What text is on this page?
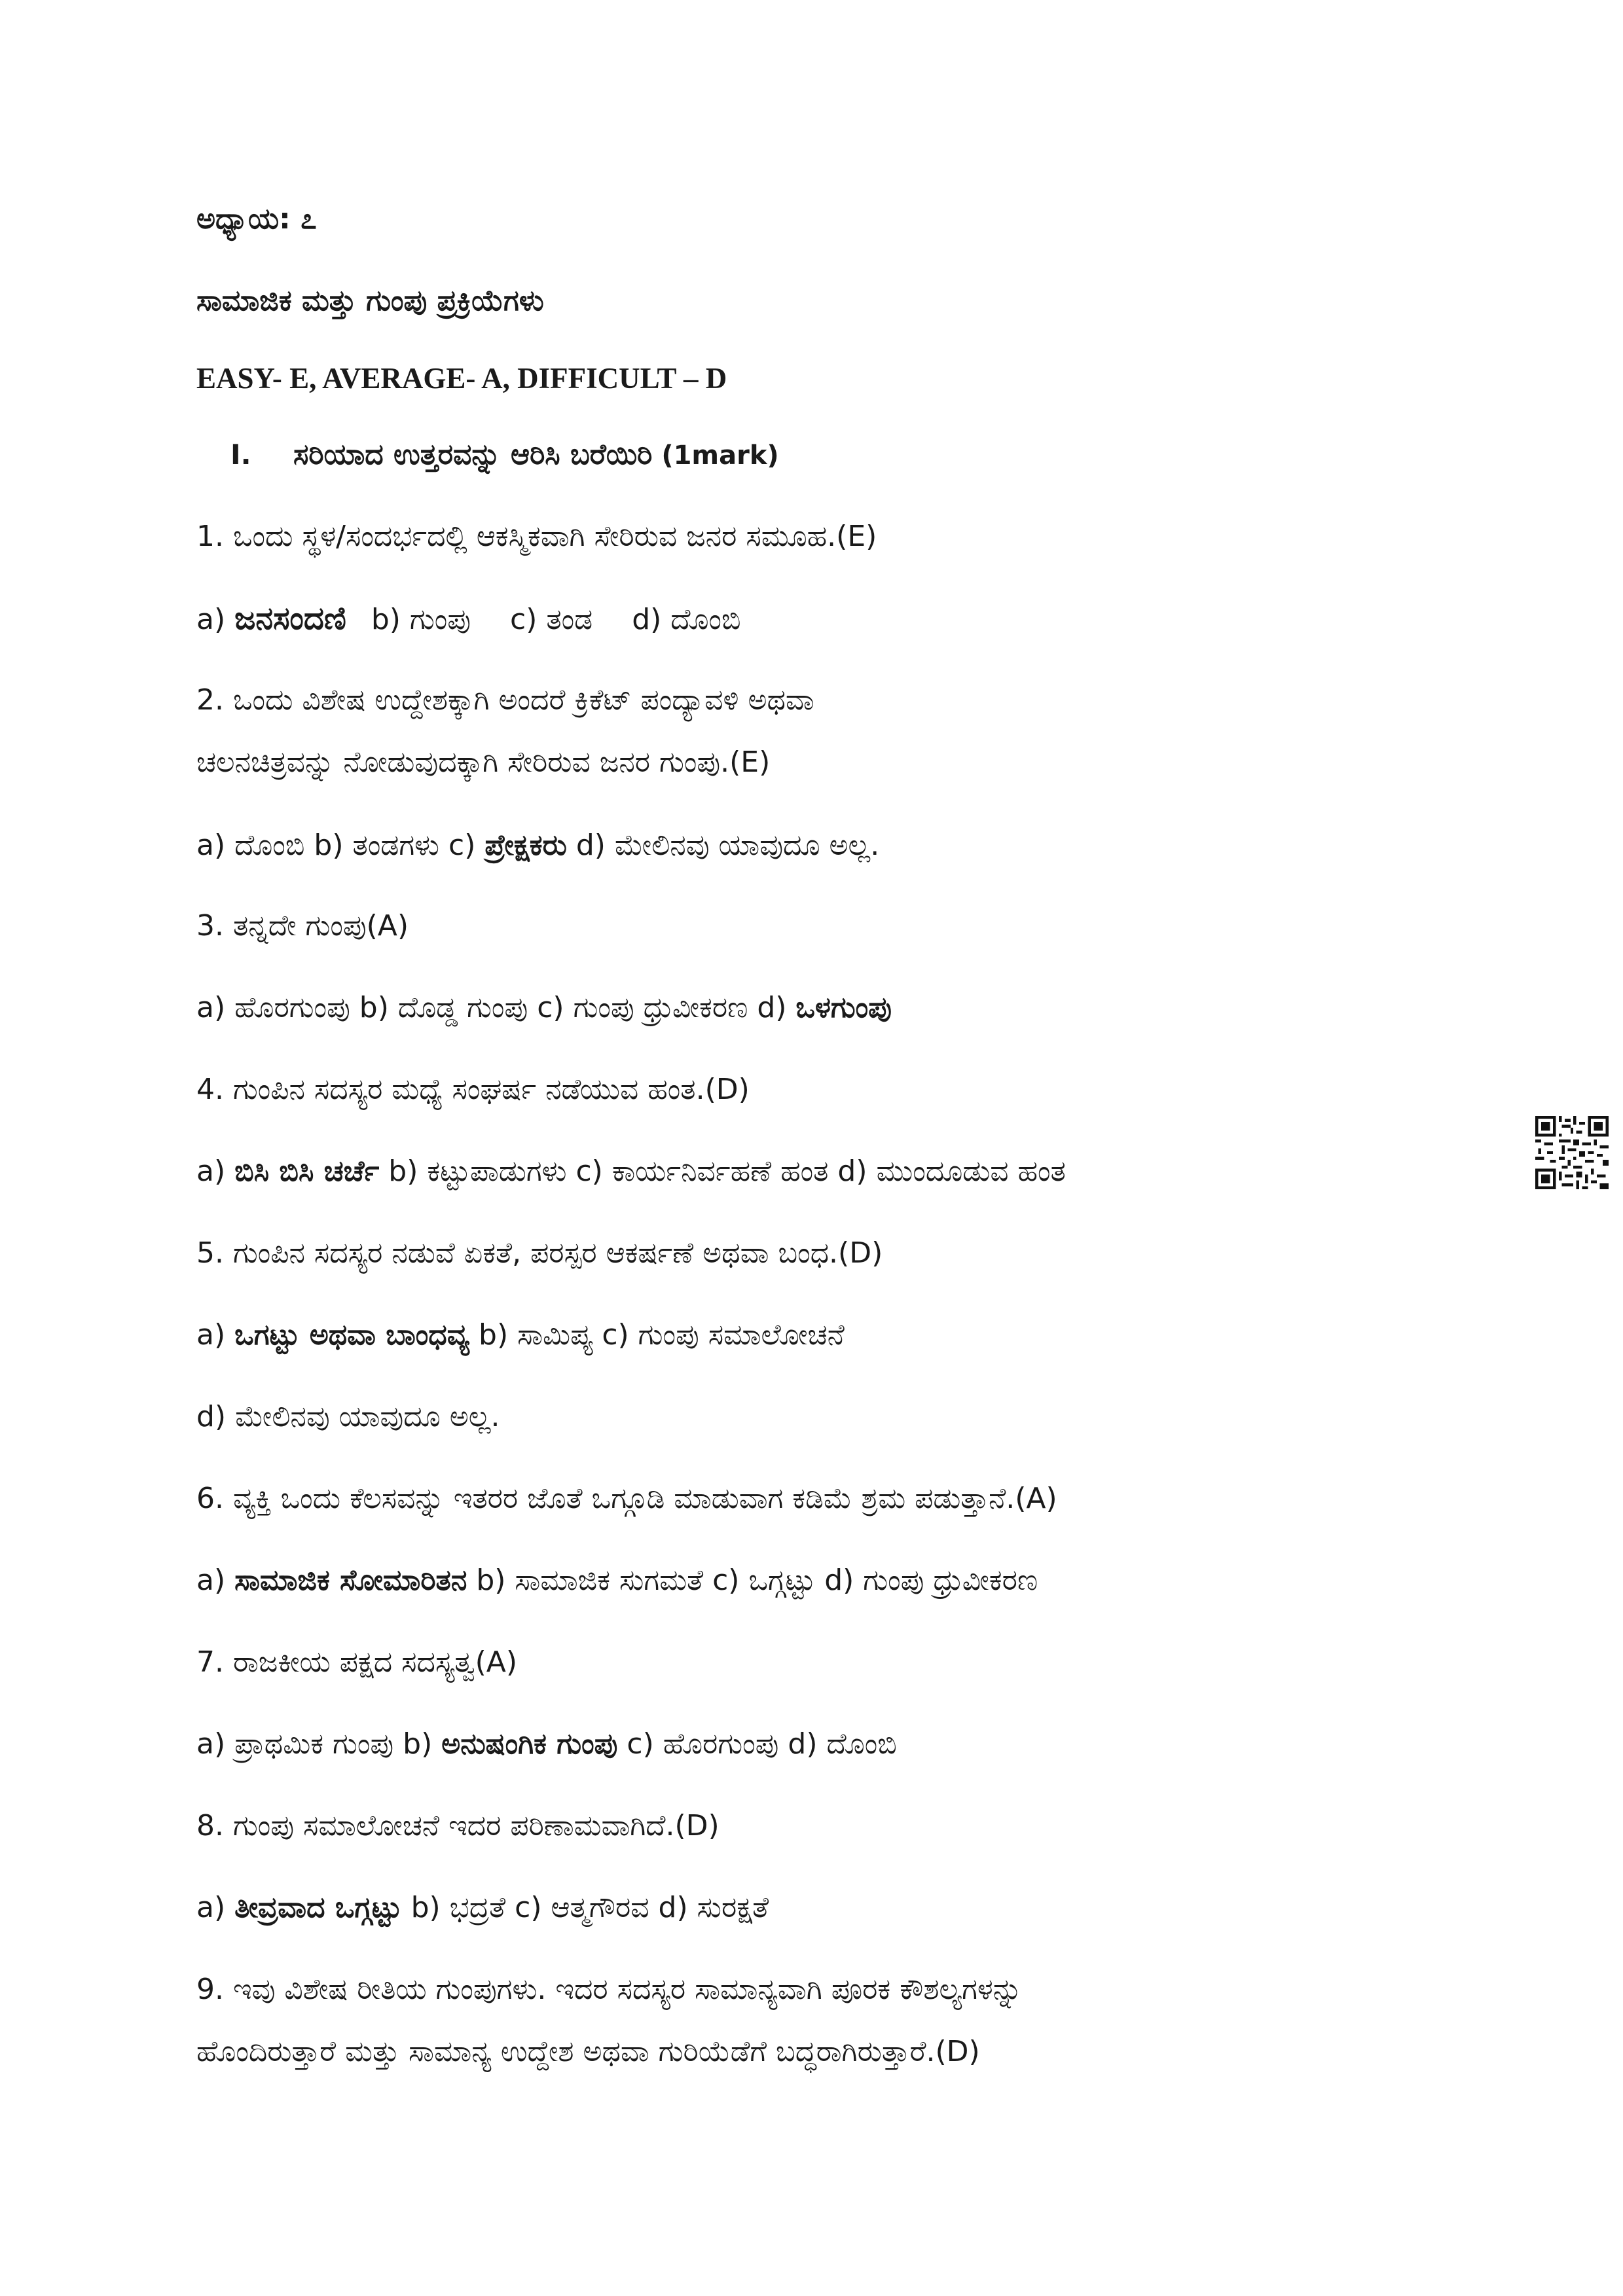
ಅಧ್ಯಾಯ: ೭
ಸಾಮಾಜಿಕ ಮತ್ತು ಗುಂಪು ಪ್ರಕ್ರಿಯೆಗಳು
EASY- E, AVERAGE- A, DIFFICULT – D
I. ಸರಿಯಾದ ಉತ್ತರವನ್ನು ಆರಿಸಿ ಬರೆಯಿರಿ (1mark)
1. ಒಂದು ಸ್ಥಳ/ಸಂದರ್ಭದಲ್ಲಿ ಆಕಸ್ಮಿಕವಾಗಿ ಸೇರಿರುವ ಜನರ ಸಮೂಹ.(E)
a) ಜನಸಂದಣಿ b) ಗುಂಪು c) ತಂಡ d) ದೊಂಬಿ
2. ಒಂದು ವಿಶೇಷ ಉದ್ದೇಶಕ್ಕಾಗಿ ಅಂದರೆ ಕ್ರಿಕೆಟ್ ಪಂದ್ಯಾವಳಿ ಅಥವಾ
ಚಲನಚಿತ್ರವನ್ನು ನೋಡುವುದಕ್ಕಾಗಿ ಸೇರಿರುವ ಜನರ ಗುಂಪು.(E)
a) ದೊಂಬಿ b) ತಂಡಗಳು c) ಪ್ರೇಕ್ಷಕರು d) ಮೇಲಿನವು ಯಾವುದೂ ಅಲ್ಲ.
3. ತನ್ನದೇ ಗುಂಪು(A)
a) ಹೊರಗುಂಪು b) ದೊಡ್ಡ ಗುಂಪು c) ಗುಂಪು ಧ್ರುವೀಕರಣ d) ಒಳಗುಂಪು
4. ಗುಂಪಿನ ಸದಸ್ಯರ ಮಧ್ಯೆ ಸಂಘರ್ಷ ನಡೆಯುವ ಹಂತ.(D)
a) ಬಿಸಿ ಬಿಸಿ ಚರ್ಚೆ b) ಕಟ್ಟುಪಾಡುಗಳು c) ಕಾರ್ಯನಿರ್ವಹಣೆ ಹಂತ d) ಮುಂದೂಡುವ ಹಂತ
5. ಗುಂಪಿನ ಸದಸ್ಯರ ನಡುವೆ ಏಕತೆ, ಪರಸ್ಪರ ಆಕರ್ಷಣೆ ಅಥವಾ ಬಂಧ.(D)
a) ಒಗಟ್ಟು ಅಥವಾ ಬಾಂಧವ್ಯ b) ಸಾಮಿಪ್ಯ c) ಗುಂಪು ಸಮಾಲೋಚನೆ
d) ಮೇಲಿನವು ಯಾವುದೂ ಅಲ್ಲ.
6. ವ್ಯಕ್ತಿ ಒಂದು ಕೆಲಸವನ್ನು ಇತರರ ಜೊತೆ ಒಗ್ಗೂಡಿ ಮಾಡುವಾಗ ಕಡಿಮೆ ಶ್ರಮ ಪಡುತ್ತಾನೆ.(A)
a) ಸಾಮಾಜಿಕ ಸೋಮಾರಿತನ b) ಸಾಮಾಜಿಕ ಸುಗಮತೆ c) ಒಗ್ಗಟ್ಟು d) ಗುಂಪು ಧ್ರುವೀಕರಣ
7. ರಾಜಕೀಯ ಪಕ್ಷದ ಸದಸ್ಯತ್ವ(A)
a) ಪ್ರಾಥಮಿಕ ಗುಂಪು b) ಅನುಷಂಗಿಕ ಗುಂಪು c) ಹೊರಗುಂಪು d) ದೊಂಬಿ
8. ಗುಂಪು ಸಮಾಲೋಚನೆ ಇದರ ಪರಿಣಾಮವಾಗಿದೆ.(D)
a) ತೀವ್ರವಾದ ಒಗ್ಗಟ್ಟು b) ಭದ್ರತೆ c) ಆತ್ಮಗೌರವ d) ಸುರಕ್ಷತೆ
9. ಇವು ವಿಶೇಷ ರೀತಿಯ ಗುಂಪುಗಳು. ಇದರ ಸದಸ್ಯರ ಸಾಮಾನ್ಯವಾಗಿ ಪೂರಕ ಕೌಶಲ್ಯಗಳನ್ನು
ಹೊಂದಿರುತ್ತಾರೆ ಮತ್ತು ಸಾಮಾನ್ಯ ಉದ್ದೇಶ ಅಥವಾ ಗುರಿಯೆಡೆಗೆ ಬದ್ಧರಾಗಿರುತ್ತಾರೆ.(D)
